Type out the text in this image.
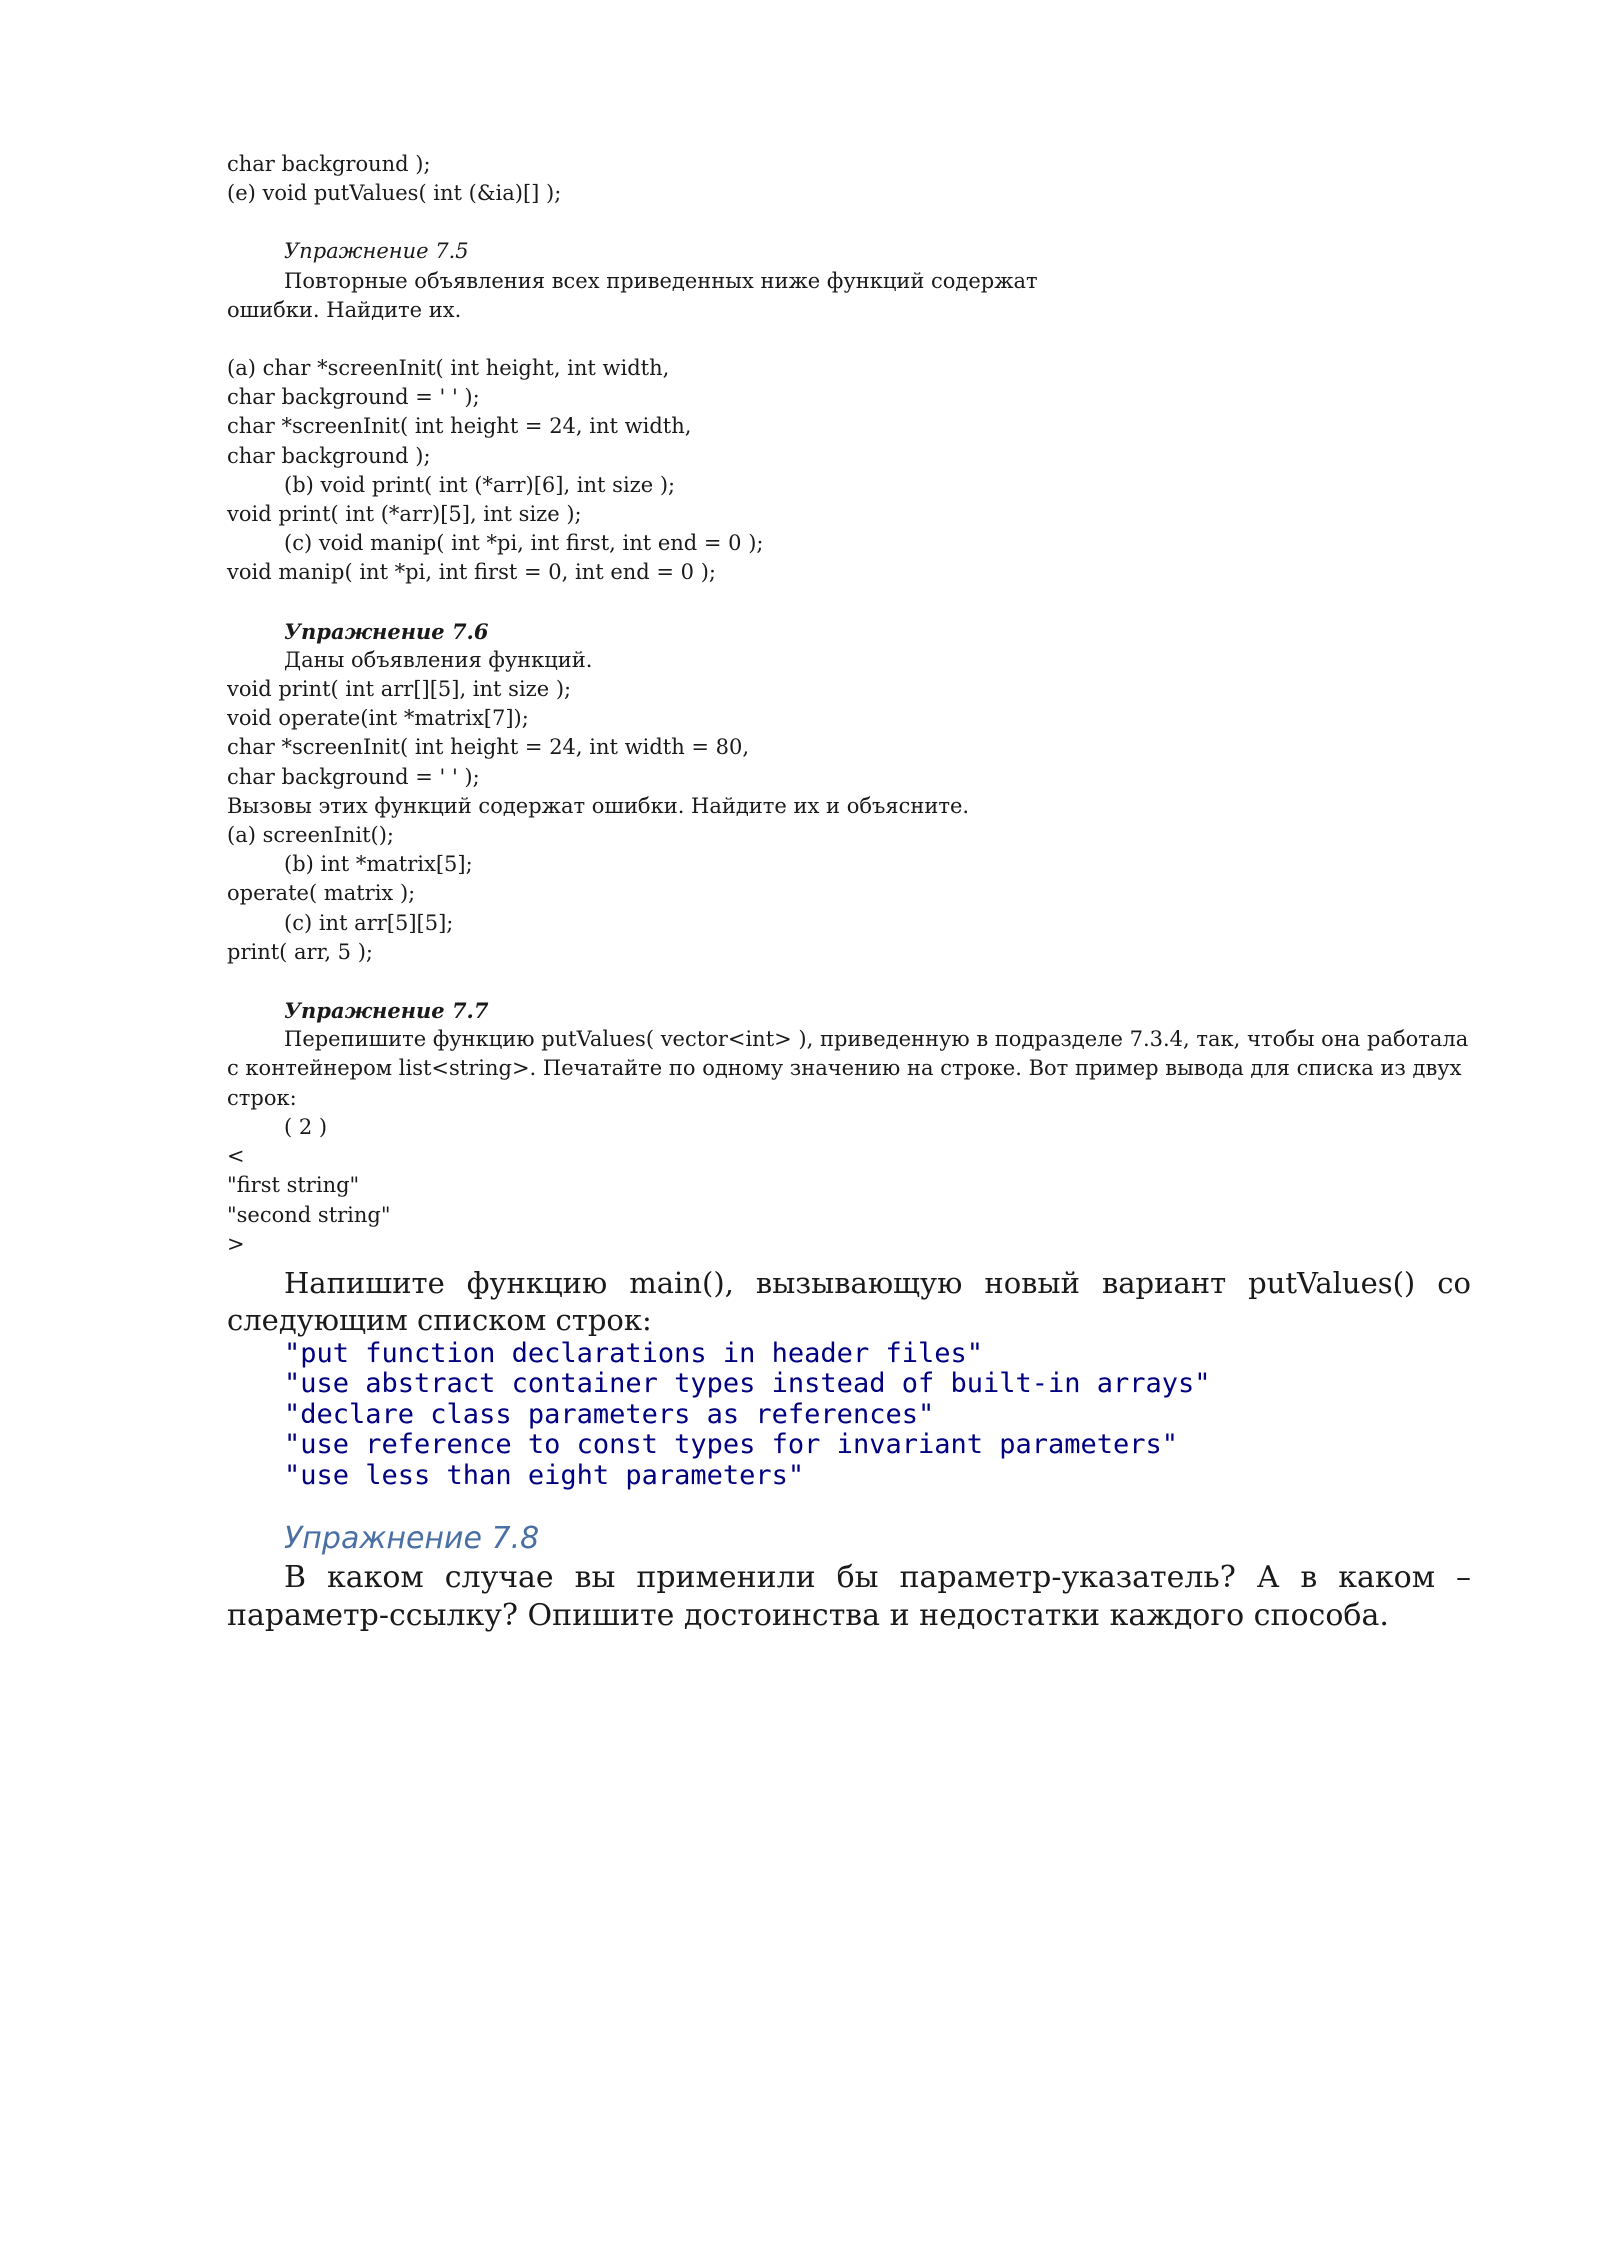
char background );

(e) void putValues( int (&ia)[] );

Упражнение 7.5

Повторные объявления всех приведенных ниже функций содержат

ошибки. Найдите их.

(a) char *screenInit( int height, int width,

char background = ' ' );

char *screenInit( int height = 24, int width,

char background );

(b) void print( int (*arr)[6], int size );

void print( int (*arr)[5], int size );

(c) void manip( int *pi, int first, int end = 0 );

void manip( int *pi, int first = 0, int end = 0 );

Упражнение 7.6

Даны объявления функций.

void print( int arr[][5], int size );

void operate(int *matrix[7]);

char *screenInit( int height = 24, int width = 80,

char background = ' ' );

Вызовы этих функций содержат ошибки. Найдите их и объясните.

(a) screenInit();

(b) int *matrix[5];

operate( matrix );

(c) int arr[5][5];

print( arr, 5 );

Упражнение 7.7

Перепишите функцию putValues( vector<int> ), приведенную в подразделе 7.3.4, так, чтобы она работала с контейнером list<string>. Печатайте по одному значению на строке. Вот пример вывода для списка из двух строк:

( 2 )

<

"first string"

"second string"

>

Напишите функцию main(), вызывающую новый вариант putValues() со следующим списком строк:

"put function declarations in header files"

"use abstract container types instead of built-in arrays"

"declare class parameters as references"

"use reference to const types for invariant parameters"

"use less than eight parameters"

Упражнение 7.8

В каком случае вы применили бы параметр-указатель? А в каком – параметр-ссылку? Опишите достоинства и недостатки каждого способа.
